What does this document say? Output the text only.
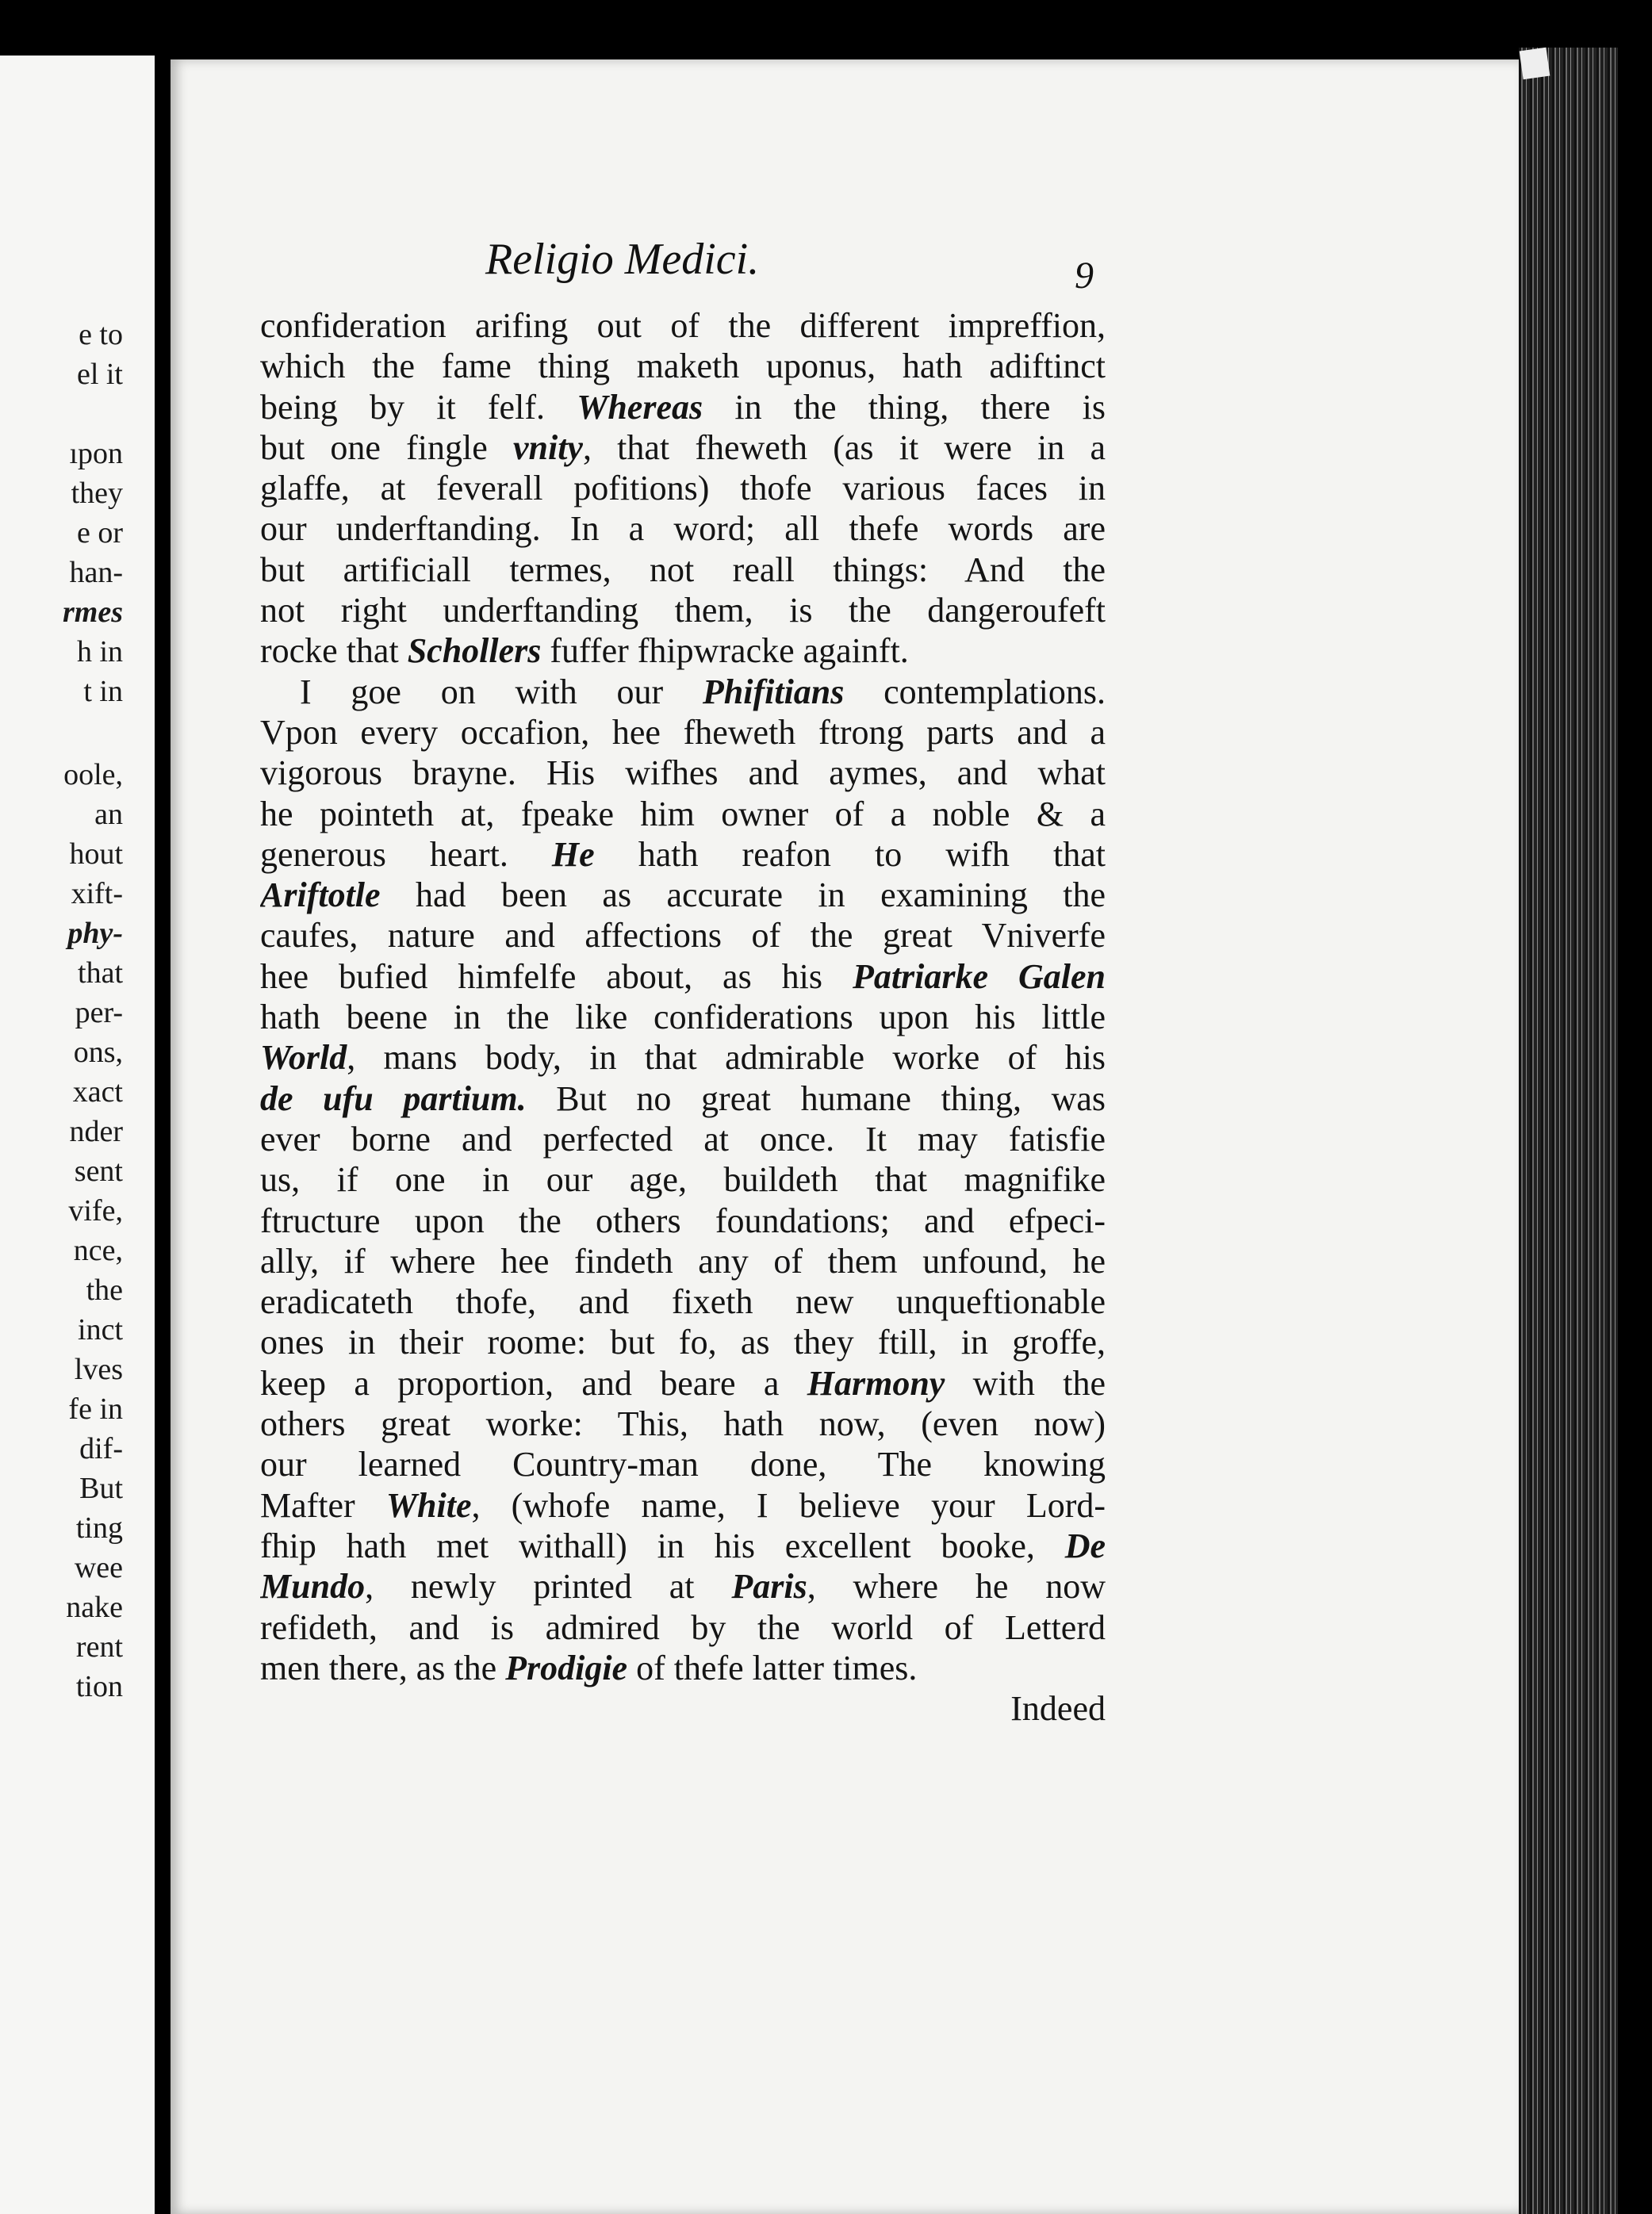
e to
el it
ıpon
they
e or
han-
rmes
h in
t in
oole,
an
hout
xift-
phy-
that
per-
ons,
xact
nder
sent
vife,
nce,
the
inct
lves
fe in
dif-
But
ting
wee
nake
rent
tion
Religio Medici.	9
confideration arifing out of the different impreffion,
which the fame thing maketh uponus, hath adiftinct
being by it felf. Whereas in the thing, there is
but one fingle vnity, that fheweth (as it were in a
glaffe, at feverall pofitions) thofe various faces in
our underftanding. In a word; all thefe words are
but artificiall termes, not reall things: And the
not right underftanding them, is the dangeroufeft
rocke that Schollers fuffer fhipwracke againft.
I goe on with our Phifitians contemplations.
Vpon every occafion, hee fheweth ftrong parts and a
vigorous brayne. His wifhes and aymes, and what
he pointeth at, fpeake him owner of a noble & a
generous heart. He hath reafon to wifh that
Ariftotle had been as accurate in examining the
caufes, nature and affections of the great Vniverfe
hee bufied himfelfe about, as his Patriarke Galen
hath beene in the like confiderations upon his little
World, mans body, in that admirable worke of his
de ufu partium. But no great humane thing, was
ever borne and perfected at once. It may fatisfie
us, if one in our age, buildeth that magnifike
ftructure upon the others foundations; and efpeci-
ally, if where hee findeth any of them unfound, he
eradicateth thofe, and fixeth new unqueftionable
ones in their roome: but fo, as they ftill, in groffe,
keep a proportion, and beare a Harmony with the
others great worke: This, hath now, (even now)
our learned Country-man done, The knowing
Mafter White, (whofe name, I believe your Lord-
fhip hath met withall) in his excellent booke, De
Mundo, newly printed at Paris, where he now
refideth, and is admired by the world of Letterd
men there, as the Prodigie of thefe latter times.
Indeed
